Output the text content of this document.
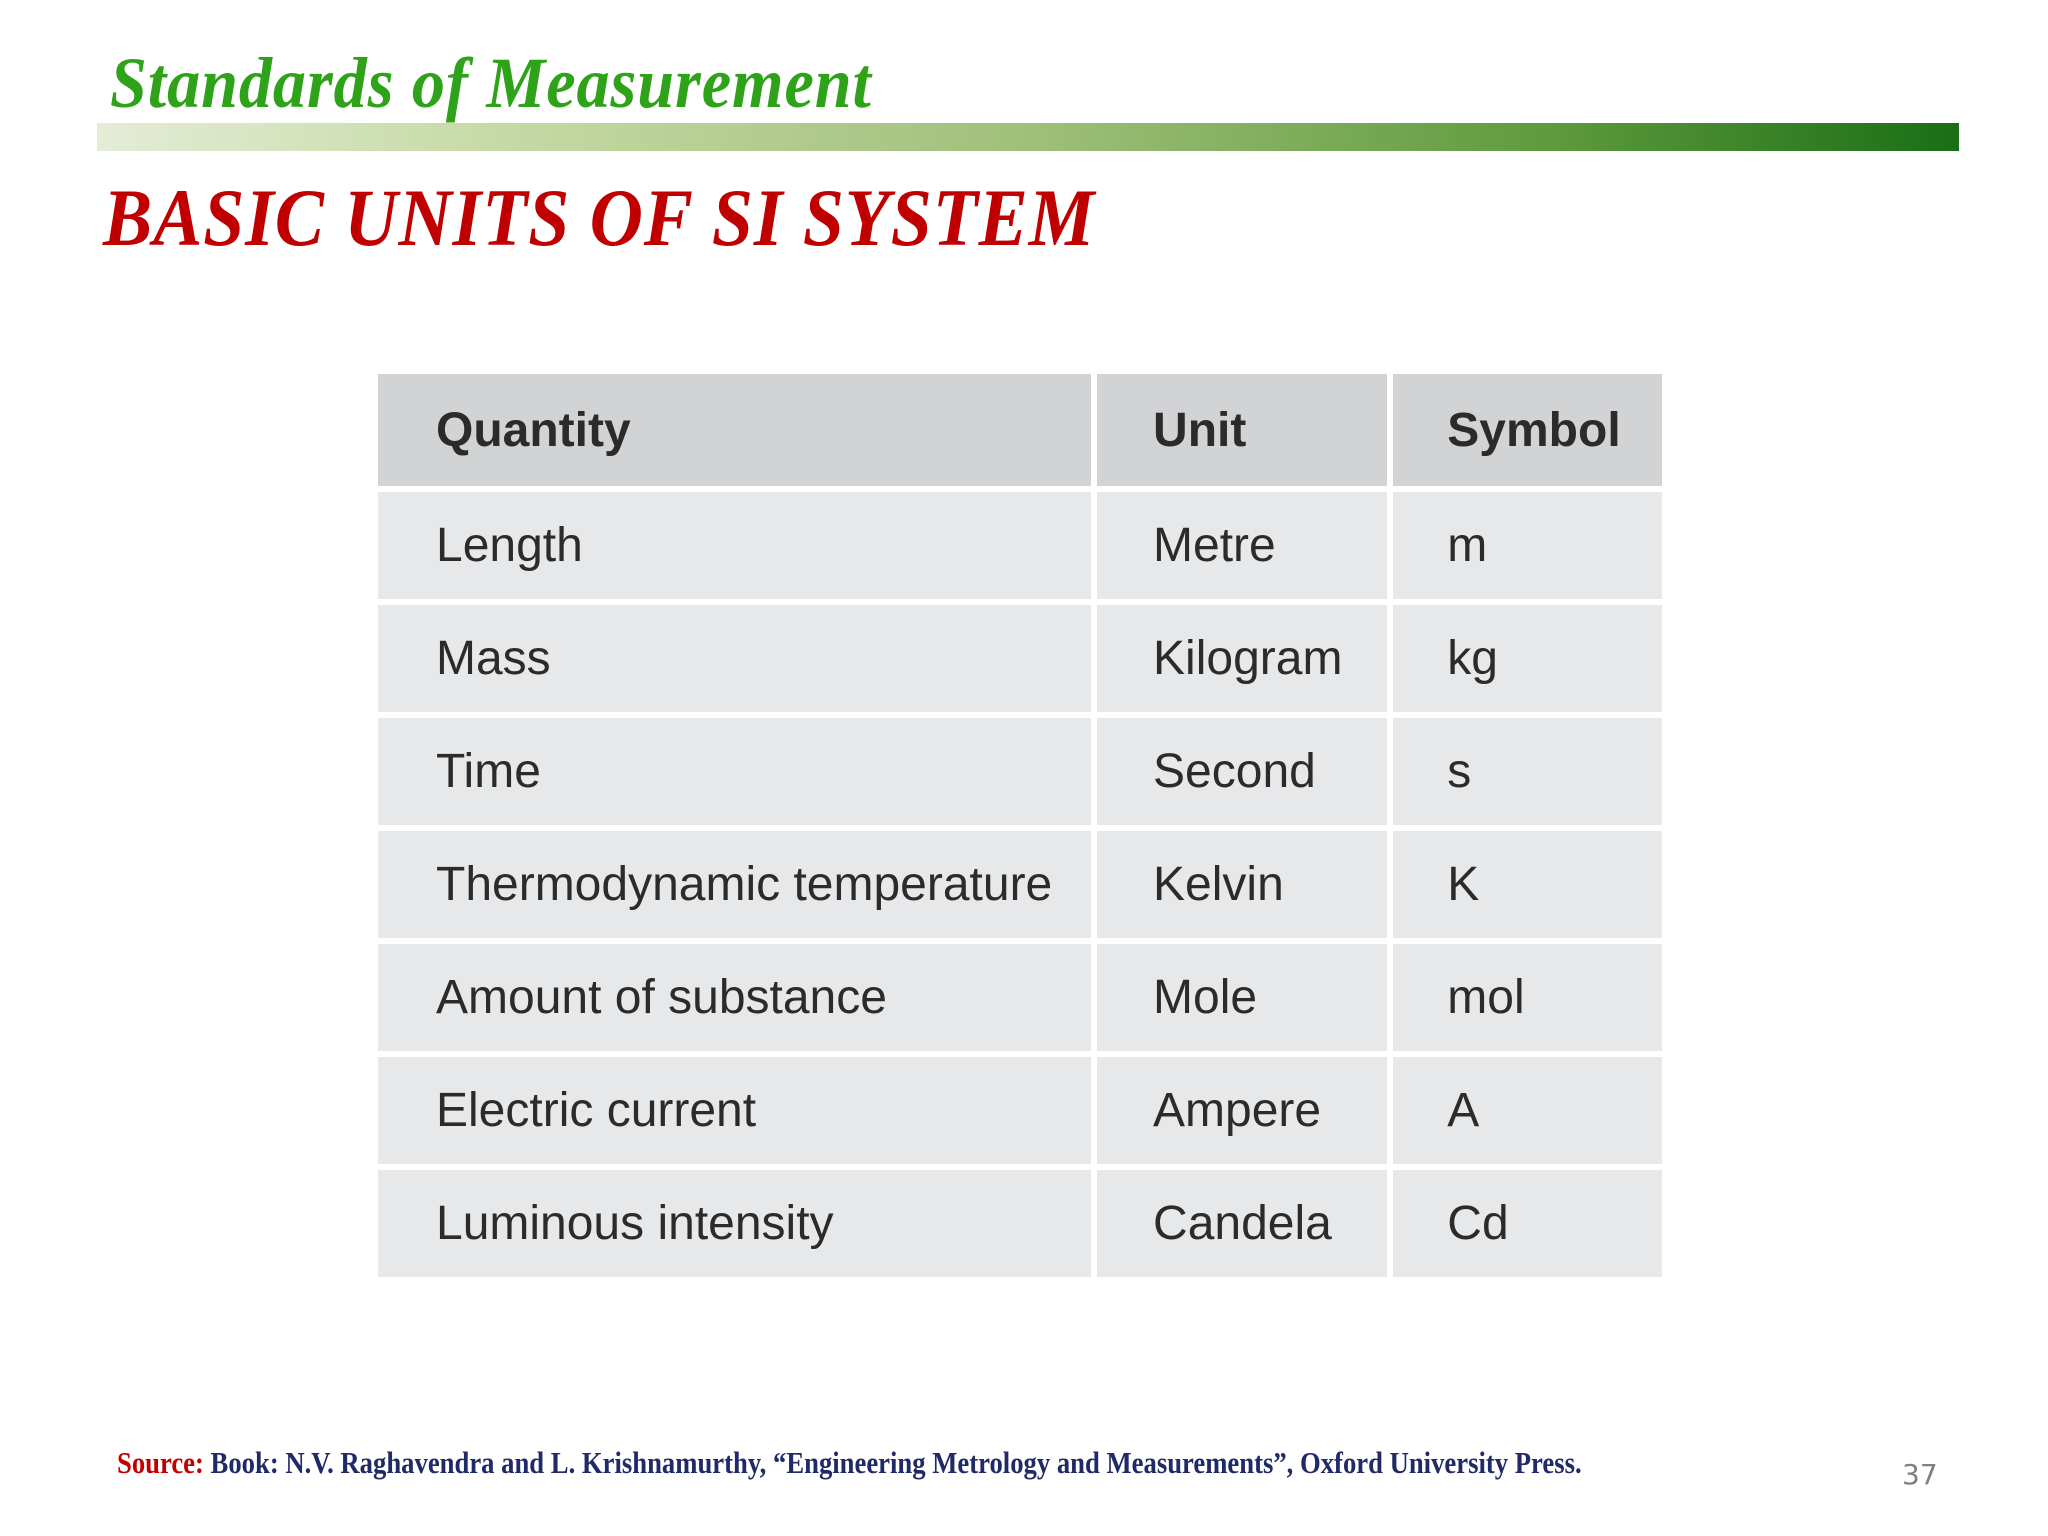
Standards of Measurement
BASIC UNITS OF SI SYSTEM
Quantity	Unit	Symbol
Length	Metre	m
Mass	Kilogram	kg
Time	Second	s
Thermodynamic temperature	Kelvin	K
Amount of substance	Mole	mol
Electric current	Ampere	A
Luminous intensity	Candela	Cd

Source: Book: N.V. Raghavendra and L. Krishnamurthy, “Engineering Metrology and Measurements”, Oxford University Press.	37
